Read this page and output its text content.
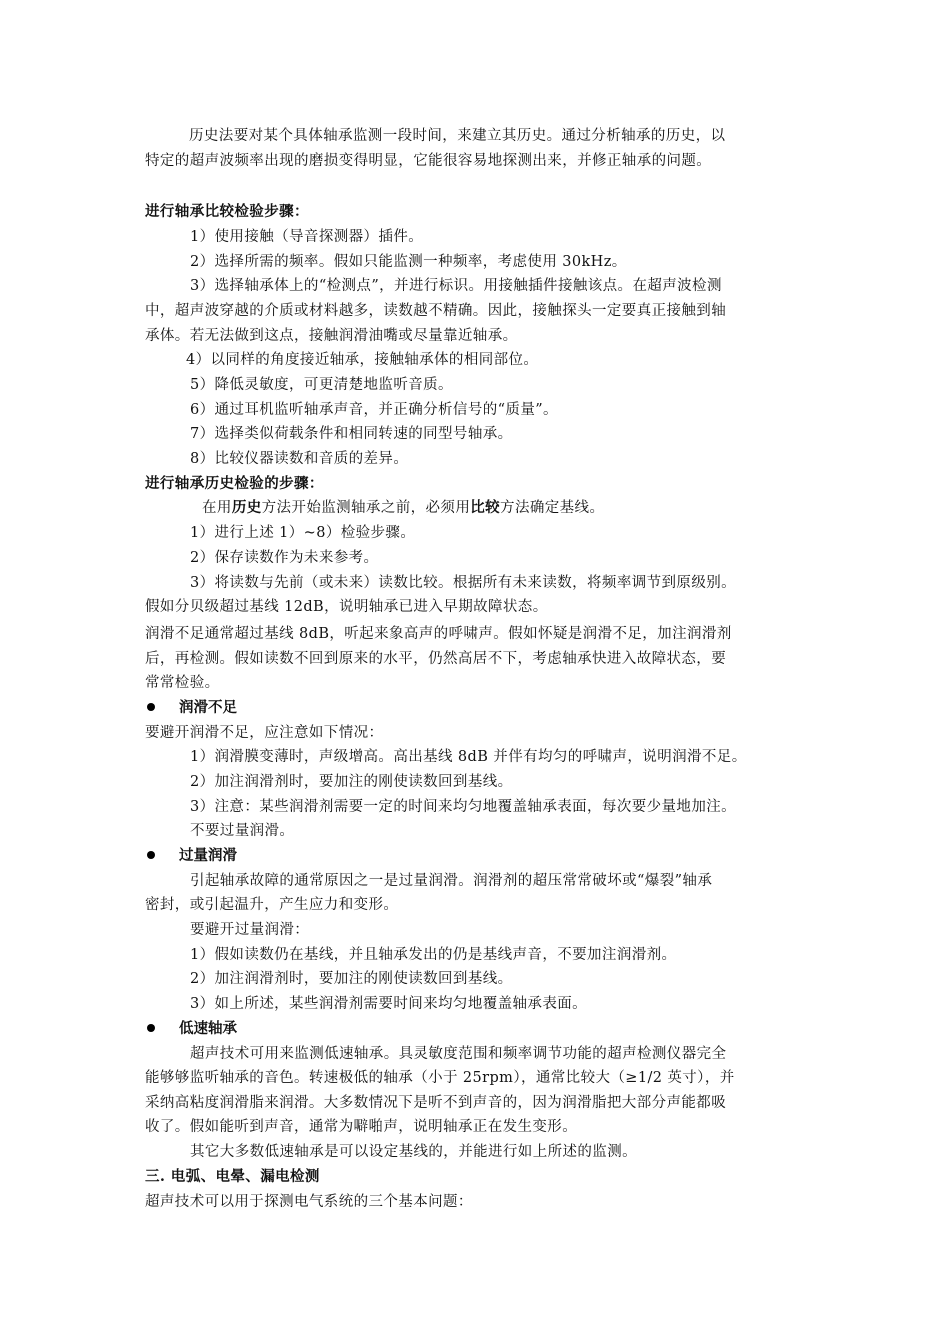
历史法要对某个具体轴承监测一段时间，来建立其历史。通过分析轴承的历史，以
特定的超声波频率出现的磨损变得明显，它能很容易地探测出来，并修正轴承的问题。
进行轴承比较检验步骤：
1）使用接触（导音探测器）插件。
2）选择所需的频率。假如只能监测一种频率，考虑使用 30kHz。
3）选择轴承体上的“检测点”，并进行标识。用接触插件接触该点。在超声波检测
中，超声波穿越的介质或材料越多，读数越不精确。因此，接触探头一定要真正接触到轴
承体。若无法做到这点，接触润滑油嘴或尽量靠近轴承。
4）以同样的角度接近轴承，接触轴承体的相同部位。
5）降低灵敏度，可更清楚地监听音质。
6）通过耳机监听轴承声音，并正确分析信号的“质量”。
7）选择类似荷载条件和相同转速的同型号轴承。
8）比较仪器读数和音质的差异。
进行轴承历史检验的步骤：
在用历史方法开始监测轴承之前，必须用比较方法确定基线。
1）进行上述 1）~8）检验步骤。
2）保存读数作为未来参考。
3）将读数与先前（或未来）读数比较。根据所有未来读数，将频率调节到原级别。
假如分贝级超过基线 12dB，说明轴承已进入早期故障状态。
润滑不足通常超过基线 8dB，听起来象高声的呼啸声。假如怀疑是润滑不足，加注润滑剂
后，再检测。假如读数不回到原来的水平，仍然高居不下，考虑轴承快进入故障状态，要
常常检验。
润滑不足
要避开润滑不足，应注意如下情况：
1）润滑膜变薄时，声级增高。高出基线 8dB 并伴有均匀的呼啸声，说明润滑不足。
2）加注润滑剂时，要加注的刚使读数回到基线。
3）注意：某些润滑剂需要一定的时间来均匀地覆盖轴承表面，每次要少量地加注。
不要过量润滑。
过量润滑
引起轴承故障的通常原因之一是过量润滑。润滑剂的超压常常破坏或“爆裂”轴承
密封，或引起温升，产生应力和变形。
要避开过量润滑：
1）假如读数仍在基线，并且轴承发出的仍是基线声音，不要加注润滑剂。
2）加注润滑剂时，要加注的刚使读数回到基线。
3）如上所述，某些润滑剂需要时间来均匀地覆盖轴承表面。
低速轴承
超声技术可用来监测低速轴承。具灵敏度范围和频率调节功能的超声检测仪器完全
能够够监听轴承的音色。转速极低的轴承（小于 25rpm），通常比较大（≥1/2 英寸），并
采纳高粘度润滑脂来润滑。大多数情况下是听不到声音的，因为润滑脂把大部分声能都吸
收了。假如能听到声音，通常为噼啪声，说明轴承正在发生变形。
其它大多数低速轴承是可以设定基线的，并能进行如上所述的监测。
三. 电弧、电晕、漏电检测
超声技术可以用于探测电气系统的三个基本问题：
